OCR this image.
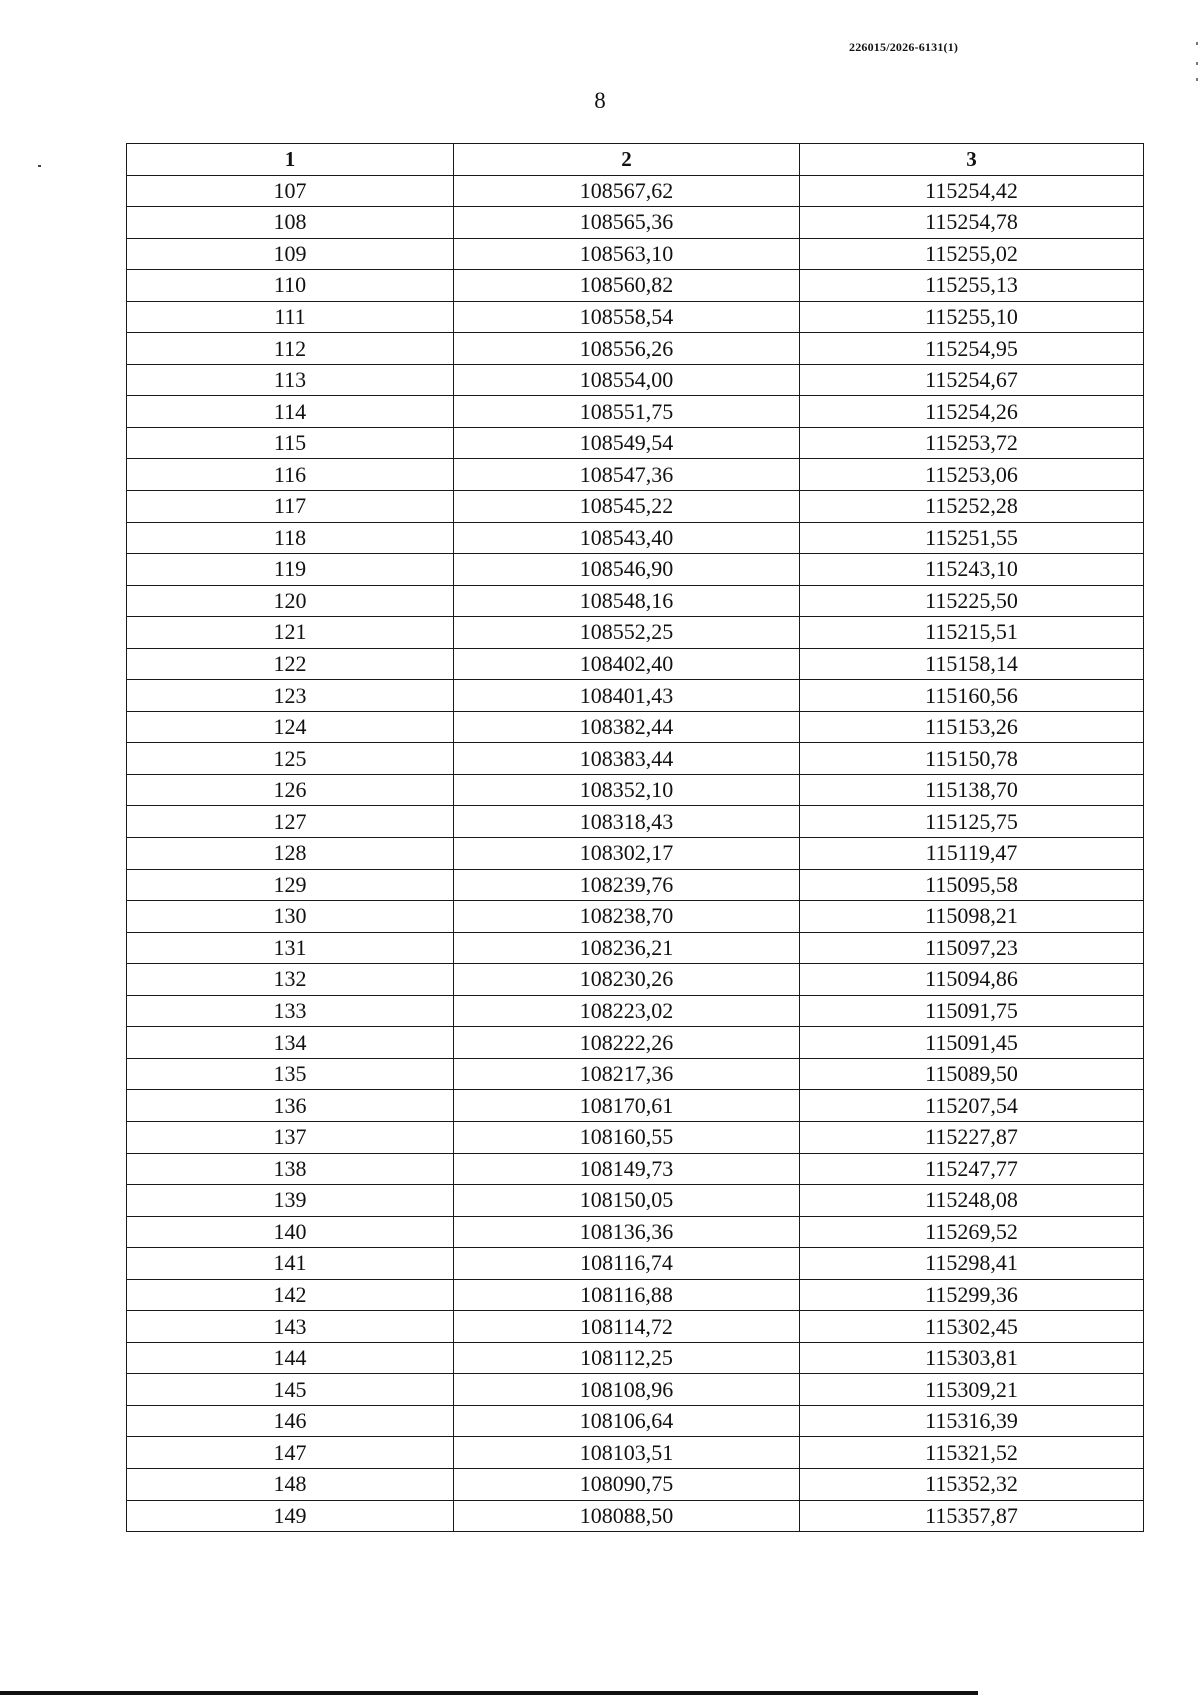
226015/2026-6131(1)
8
1	2	3
107	108567,62	115254,42
108	108565,36	115254,78
109	108563,10	115255,02
110	108560,82	115255,13
111	108558,54	115255,10
112	108556,26	115254,95
113	108554,00	115254,67
114	108551,75	115254,26
115	108549,54	115253,72
116	108547,36	115253,06
117	108545,22	115252,28
118	108543,40	115251,55
119	108546,90	115243,10
120	108548,16	115225,50
121	108552,25	115215,51
122	108402,40	115158,14
123	108401,43	115160,56
124	108382,44	115153,26
125	108383,44	115150,78
126	108352,10	115138,70
127	108318,43	115125,75
128	108302,17	115119,47
129	108239,76	115095,58
130	108238,70	115098,21
131	108236,21	115097,23
132	108230,26	115094,86
133	108223,02	115091,75
134	108222,26	115091,45
135	108217,36	115089,50
136	108170,61	115207,54
137	108160,55	115227,87
138	108149,73	115247,77
139	108150,05	115248,08
140	108136,36	115269,52
141	108116,74	115298,41
142	108116,88	115299,36
143	108114,72	115302,45
144	108112,25	115303,81
145	108108,96	115309,21
146	108106,64	115316,39
147	108103,51	115321,52
148	108090,75	115352,32
149	108088,50	115357,87
